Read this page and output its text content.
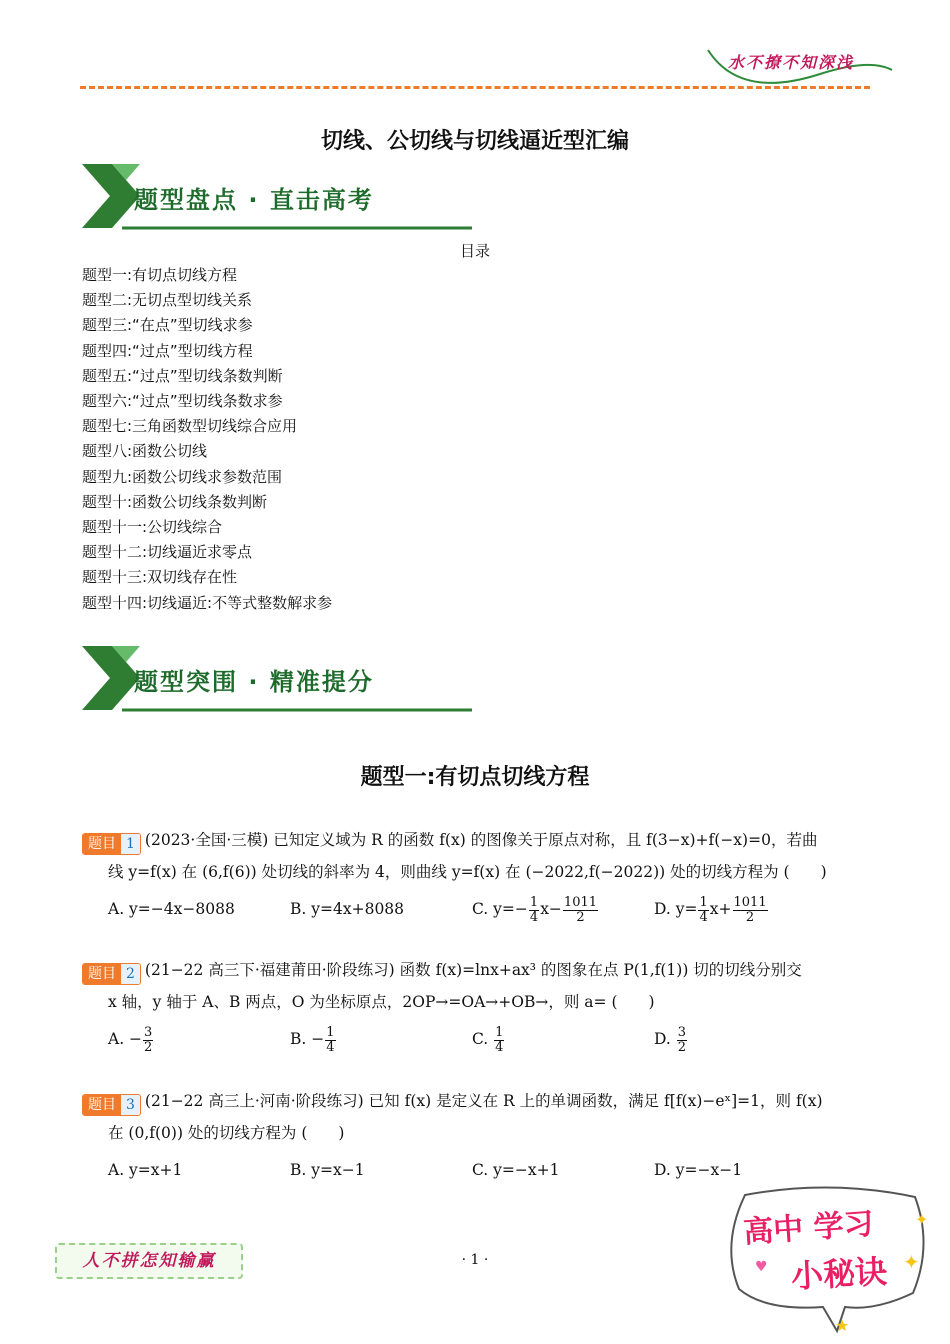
水不撩不知深浅
切线、公切线与切线逼近型汇编
题型盘点 · 直击高考
目录
题型一:有切点切线方程
题型二:无切点型切线关系
题型三:“在点”型切线求参
题型四:“过点”型切线方程
题型五:“过点”型切线条数判断
题型六:“过点”型切线条数求参
题型七:三角函数型切线综合应用
题型八:函数公切线
题型九:函数公切线求参数范围
题型十:函数公切线条数判断
题型十一:公切线综合
题型十二:切线逼近求零点
题型十三:双切线存在性
题型十四:切线逼近:不等式整数解求参
题型突围 · 精准提分
题型一:有切点切线方程
题目 1 (2023·全国·三模) 已知定义域为 R 的函数 f(x) 的图像关于原点对称，且 f(3−x)+f(−x)=0，若曲
线 y=f(x) 在 (6,f(6)) 处切线的斜率为 4，则曲线 y=f(x) 在 (−2022,f(−2022)) 处的切线方程为 (　　)
A. y=−4x−8088	B. y=4x+8088	C. $y=- \frac{1}{4} x- \frac{1011}{2}$	D. $y= \frac{1}{4} x+ \frac{1011}{2}$
题目 2 (21−22 高三下·福建莆田·阶段练习) 函数 f(x)=lnx+ax³ 的图象在点 P(1,f(1)) 切的切线分别交
x 轴，y 轴于 A、B 两点，O 为坐标原点，2OP→=OA→+OB→，则 a= (　　)
A. − $\frac{3}{2}$	B. − $\frac{1}{4}$	C. $\frac{1}{4}$	D. $\frac{3}{2}$
题目 3 (21−22 高三上·河南·阶段练习) 已知 f(x) 是定义在 R 上的单调函数，满足 f[f(x)−eˣ]=1，则 f(x)
在 (0,f(0)) 处的切线方程为 (　　)
A. y=x+1	B. y=x−1	C. y=−x+1	D. y=−x−1
人不拼怎知输赢	· 1 ·
✦
✦
♥
★
高中 学习
小秘诀
